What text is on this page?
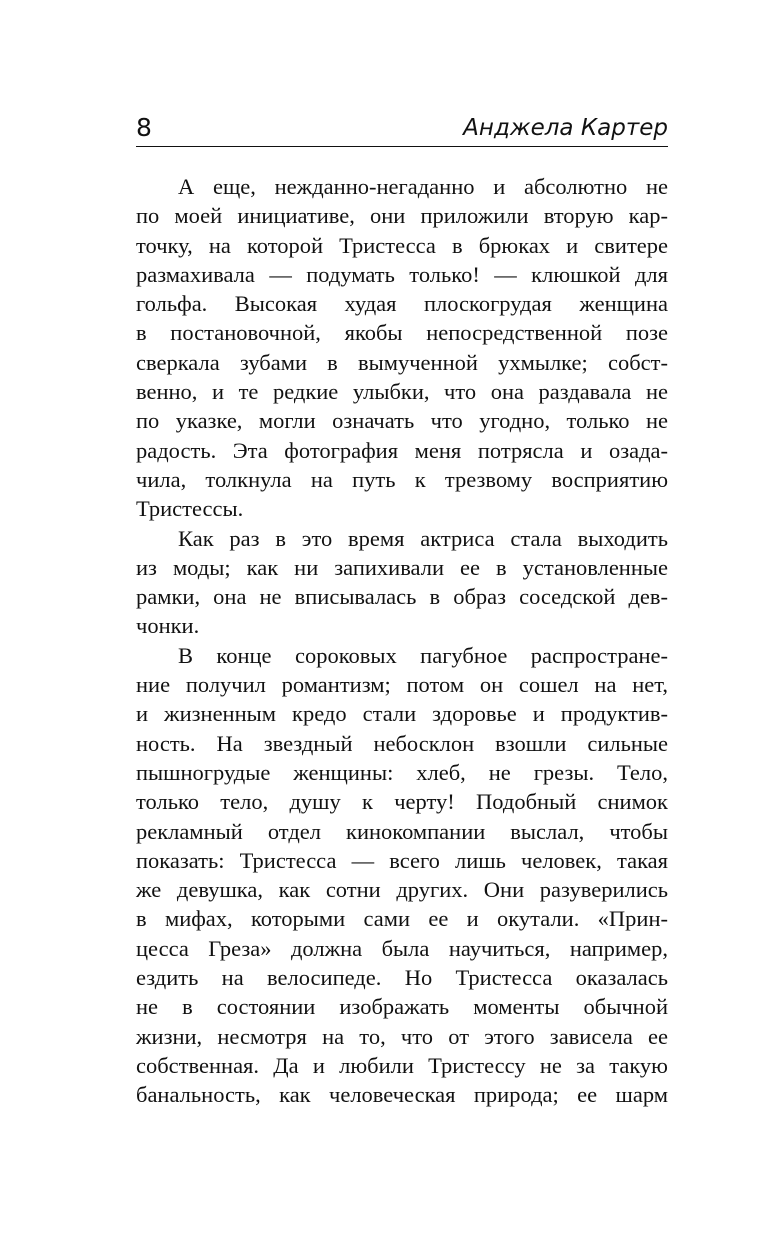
8	Анджела Картер
А еще, нежданно-негаданно и абсолютно не
по моей инициативе, они приложили вторую кар-
точку, на которой Тристесса в брюках и свитере
размахивала — подумать только! — клюшкой для
гольфа. Высокая худая плоскогрудая женщина
в постановочной, якобы непосредственной позе
сверкала зубами в вымученной ухмылке; собст-
венно, и те редкие улыбки, что она раздавала не
по указке, могли означать что угодно, только не
радость. Эта фотография меня потрясла и озада-
чила, толкнула на путь к трезвому восприятию
Тристессы.
Как раз в это время актриса стала выходить
из моды; как ни запихивали ее в установленные
рамки, она не вписывалась в образ соседской дев-
чонки.
В конце сороковых пагубное распростране-
ние получил романтизм; потом он сошел на нет,
и жизненным кредо стали здоровье и продуктив-
ность. На звездный небосклон взошли сильные
пышногрудые женщины: хлеб, не грезы. Тело,
только тело, душу к черту! Подобный снимок
рекламный отдел кинокомпании выслал, чтобы
показать: Тристесса — всего лишь человек, такая
же девушка, как сотни других. Они разуверились
в мифах, которыми сами ее и окутали. «Прин-
цесса Греза» должна была научиться, например,
ездить на велосипеде. Но Тристесса оказалась
не в состоянии изображать моменты обычной
жизни, несмотря на то, что от этого зависела ее
собственная. Да и любили Тристессу не за такую
банальность, как человеческая природа; ее шарм
